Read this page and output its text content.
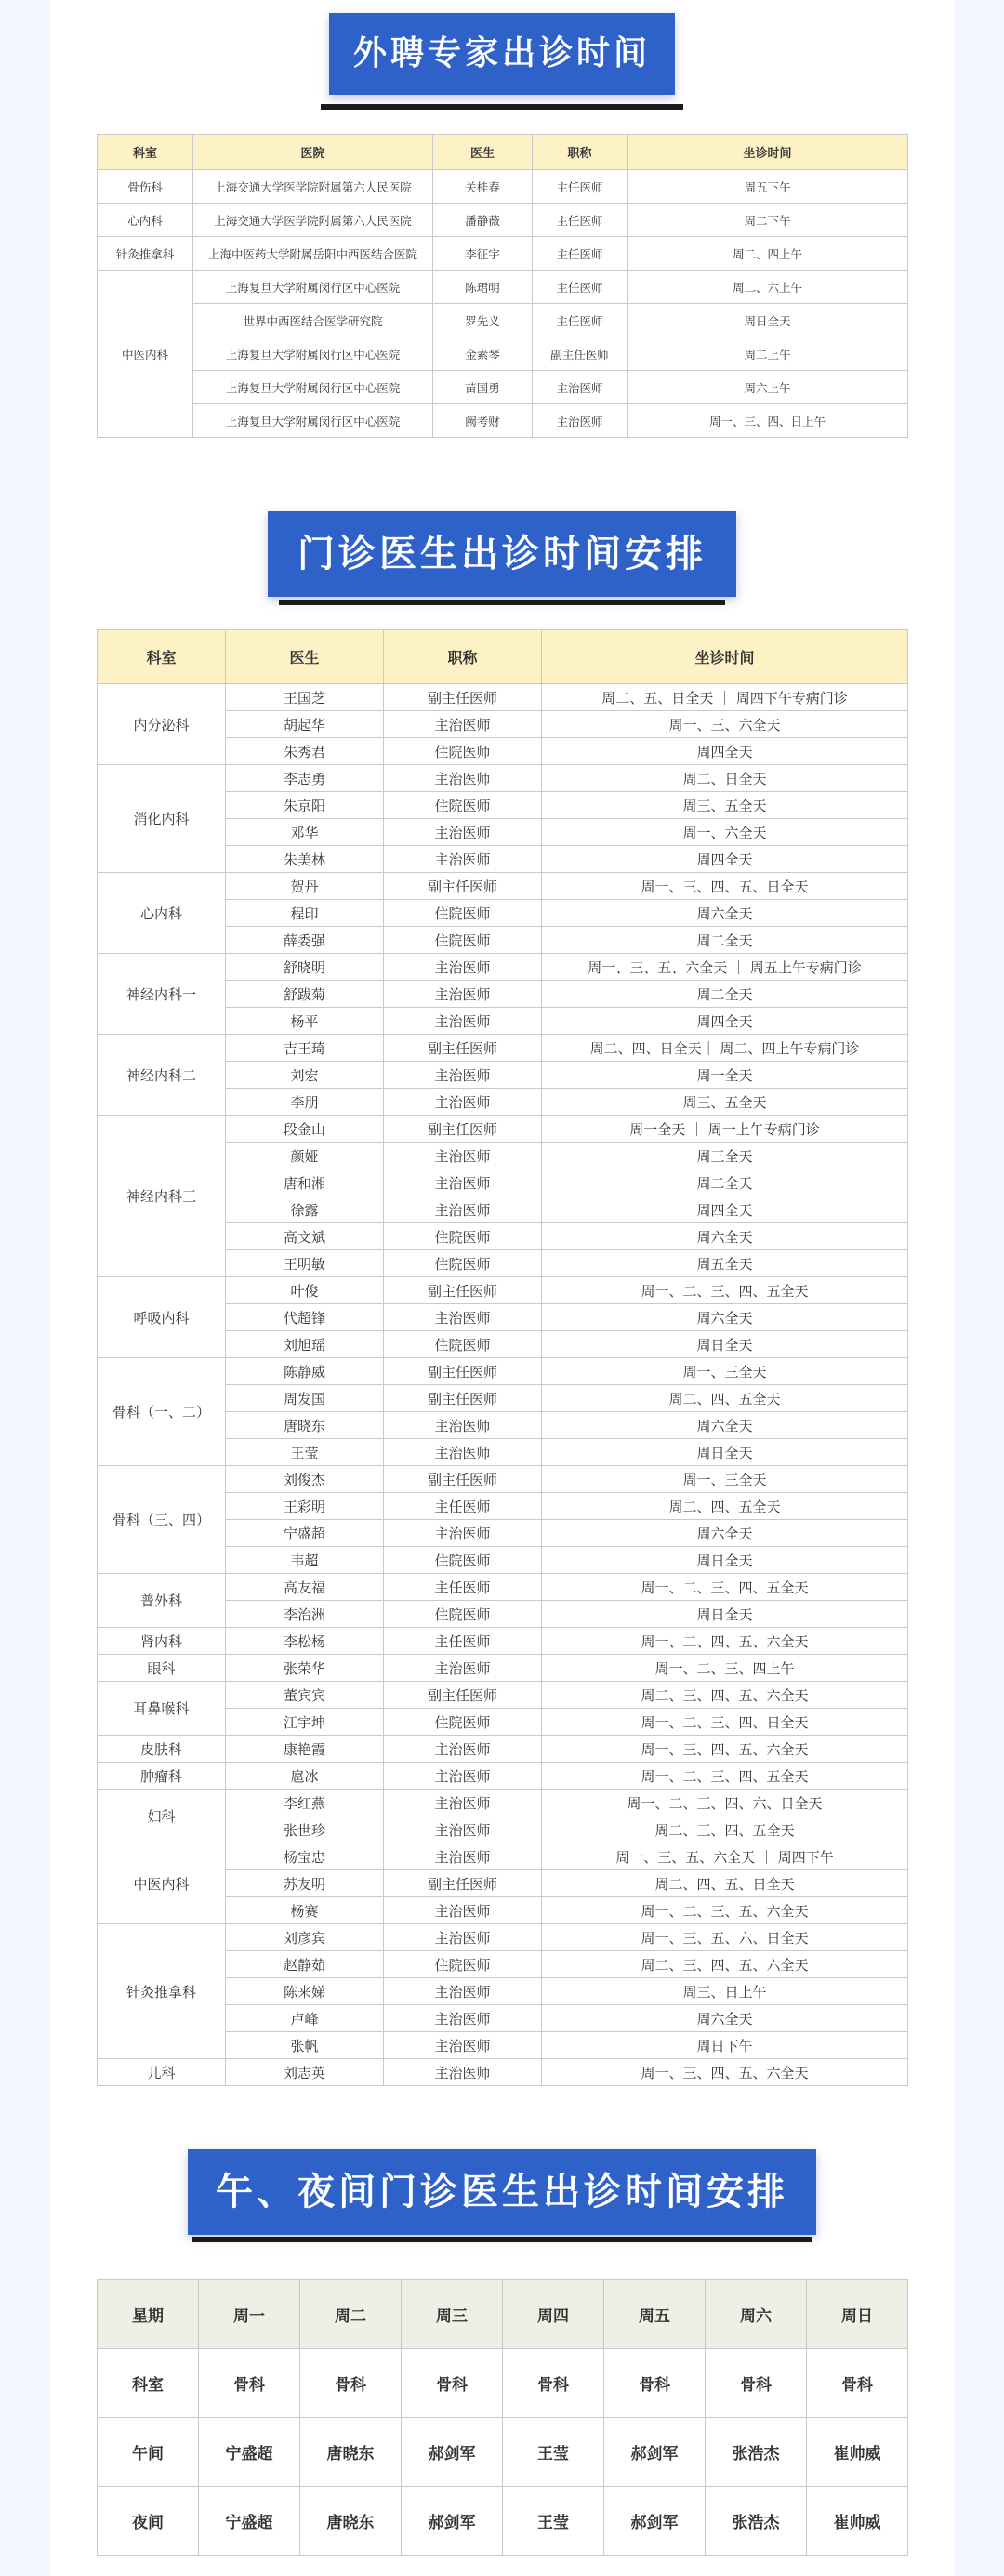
外聘专家出诊时间
科室	医院	医生	职称	坐诊时间
骨伤科	上海交通大学医学院附属第六人民医院	关桂春	主任医师	周五下午
心内科	上海交通大学医学院附属第六人民医院	潘静薇	主任医师	周二下午
针灸推拿科	上海中医药大学附属岳阳中西医结合医院	李征宇	主任医师	周二、四上午
中医内科	上海复旦大学附属闵行区中心医院	陈珺明	主任医师	周二、六上午
	世界中西医结合医学研究院	罗先义	主任医师	周日全天
	上海复旦大学附属闵行区中心医院	金素琴	副主任医师	周二上午
	上海复旦大学附属闵行区中心医院	苗国勇	主治医师	周六上午
	上海复旦大学附属闵行区中心医院	阙考财	主治医师	周一、三、四、日上午
门诊医生出诊时间安排
科室	医生	职称	坐诊时间
内分泌科	王国芝	副主任医师	周二、五、日全天 ｜ 周四下午专病门诊
	胡起华	主治医师	周一、三、六全天
	朱秀君	住院医师	周四全天
消化内科	李志勇	主治医师	周二、日全天
	朱京阳	住院医师	周三、五全天
	邓华	主治医师	周一、六全天
	朱美林	主治医师	周四全天
心内科	贺丹	副主任医师	周一、三、四、五、日全天
	程印	住院医师	周六全天
	薛委强	住院医师	周二全天
神经内科一	舒晓明	主治医师	周一、三、五、六全天 ｜ 周五上午专病门诊
	舒跋菊	主治医师	周二全天
	杨平	主治医师	周四全天
神经内科二	吉王琦	副主任医师	周二、四、日全天｜ 周二、四上午专病门诊
	刘宏	主治医师	周一全天
	李朋	主治医师	周三、五全天
神经内科三	段金山	副主任医师	周一全天 ｜ 周一上午专病门诊
	颜娅	主治医师	周三全天
	唐和湘	主治医师	周二全天
	徐露	主治医师	周四全天
	高文斌	住院医师	周六全天
	王明敏	住院医师	周五全天
呼吸内科	叶俊	副主任医师	周一、二、三、四、五全天
	代超锋	主治医师	周六全天
	刘旭瑶	住院医师	周日全天
骨科（一、二）	陈静威	副主任医师	周一、三全天
	周发国	副主任医师	周二、四、五全天
	唐晓东	主治医师	周六全天
	王莹	主治医师	周日全天
骨科（三、四）	刘俊杰	副主任医师	周一、三全天
	王彩明	主任医师	周二、四、五全天
	宁盛超	主治医师	周六全天
	韦超	住院医师	周日全天
普外科	高友福	主任医师	周一、二、三、四、五全天
	李治洲	住院医师	周日全天
肾内科	李松杨	主任医师	周一、二、四、五、六全天
眼科	张荣华	主治医师	周一、二、三、四上午
耳鼻喉科	董宾宾	副主任医师	周二、三、四、五、六全天
	江宇坤	住院医师	周一、二、三、四、日全天
皮肤科	康艳霞	主治医师	周一、三、四、五、六全天
肿瘤科	扈冰	主治医师	周一、二、三、四、五全天
妇科	李红燕	主治医师	周一、二、三、四、六、日全天
	张世珍	主治医师	周二、三、四、五全天
中医内科	杨宝忠	主治医师	周一、三、五、六全天 ｜ 周四下午
	苏友明	副主任医师	周二、四、五、日全天
	杨赛	主治医师	周一、二、三、五、六全天
针灸推拿科	刘彦宾	主治医师	周一、三、五、六、日全天
	赵静茹	住院医师	周二、三、四、五、六全天
	陈来娣	主治医师	周三、日上午
	卢峰	主治医师	周六全天
	张帆	主治医师	周日下午
儿科	刘志英	主治医师	周一、三、四、五、六全天
午、夜间门诊医生出诊时间安排
星期	周一	周二	周三	周四	周五	周六	周日
科室	骨科	骨科	骨科	骨科	骨科	骨科	骨科
午间	宁盛超	唐晓东	郝剑军	王莹	郝剑军	张浩杰	崔帅威
夜间	宁盛超	唐晓东	郝剑军	王莹	郝剑军	张浩杰	崔帅威
